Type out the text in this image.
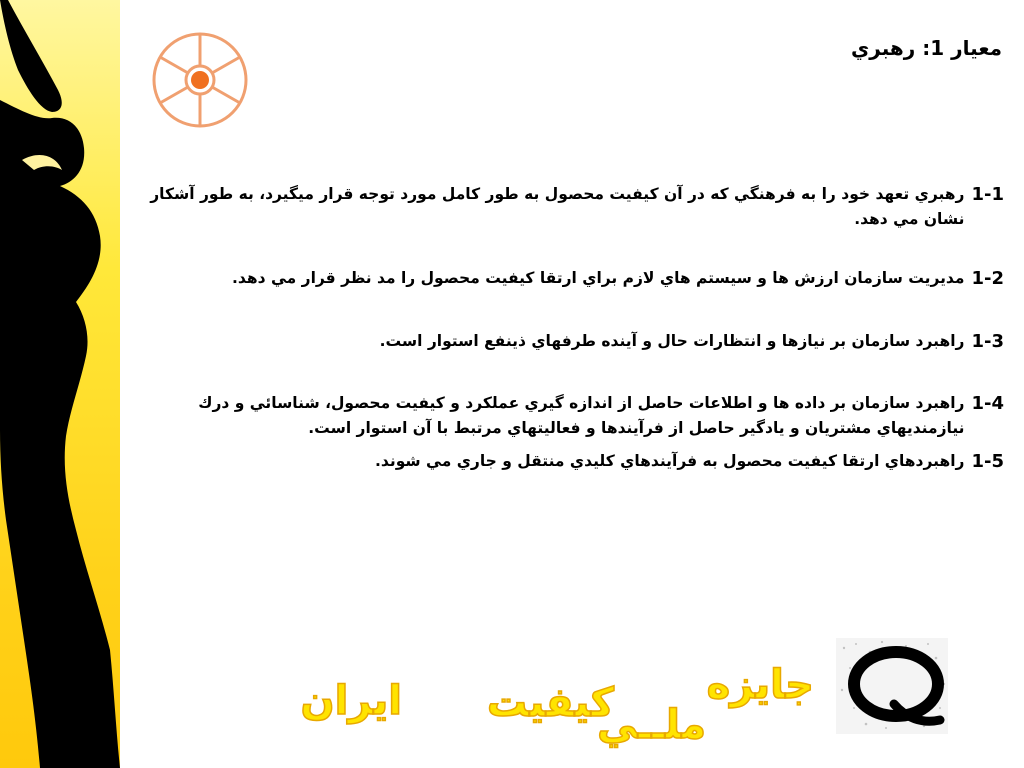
معيار 1: رهبري
1-1
رهبري تعهد خود را به فرهنگي كه در آن كيفيت محصول به طور كامل مورد توجه قرار ميگيرد، به طور آشكار نشان مي دهد.
1-2
مديريت سازمان ارزش ها و سيستم هاي لازم براي ارتقا كيفيت محصول را مد نظر قرار مي دهد.
1-3
راهبرد سازمان بر نيازها و انتظارات حال و آينده طرفهاي ذينفع استوار است.
1-4
راهبرد سازمان بر داده ها و اطلاعات حاصل از اندازه گيري عملكرد و كيفيت محصول، شناسائي و درك نيازمنديهاي مشتريان و يادگير حاصل از فرآيندها و فعاليتهاي مرتبط با آن استوار است.
1-5
راهبردهاي ارتقا كيفيت محصول به فرآيندهاي كليدي منتقل و جاري مي شوند.
جايزه
ملــي
كيفيت
ايران
